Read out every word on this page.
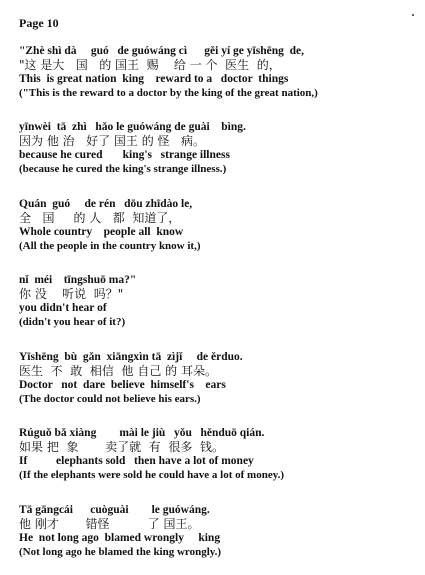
Page 10
"Zhè shì dà     guó   de guówáng cì      gěi yí ge yīshēng  de,
"这 是大   国   的 国王  赐    给 一 个  医生  的，
This  is great nation  king    reward to a   doctor  things
("This is the reward to a doctor by the king of the great nation,)
yīnwèi  tā  zhì   hǎo le guówáng de guài    bìng.
因为 他 治   好了 国王 的 怪   病。
because he cured       king's   strange illness
(because he cured the king's strange illness.)
Quán  guó     de rén   dōu zhīdào le,
全   国     的 人   都  知道了，
Whole country    people all  know
(All the people in the country know it,)
nǐ  méi    tīngshuō ma?"
你 没    听说  吗？"
you didn't hear of
(didn't you hear of it?)
Yīshēng  bù  gǎn  xiāngxìn tā  zìjǐ     de ěrduo.
医生  不  敢  相信  他 自己 的 耳朵。
Doctor   not  dare  believe  himself's    ears
(The doctor could not believe his ears.)
Rúguǒ bǎ xiàng        mài le jiù   yǒu   hěnduō qián.
如果 把  象       卖了就  有  很多  钱。
If          elephants sold   then have a lot of money
(If the elephants were sold he could have a lot of money.)
Tā gāngcái      cuòguài        le guówáng.
他 刚才       错怪          了 国王。
He  not long ago  blamed wrongly     king
(Not long ago he blamed the king wrongly.)
